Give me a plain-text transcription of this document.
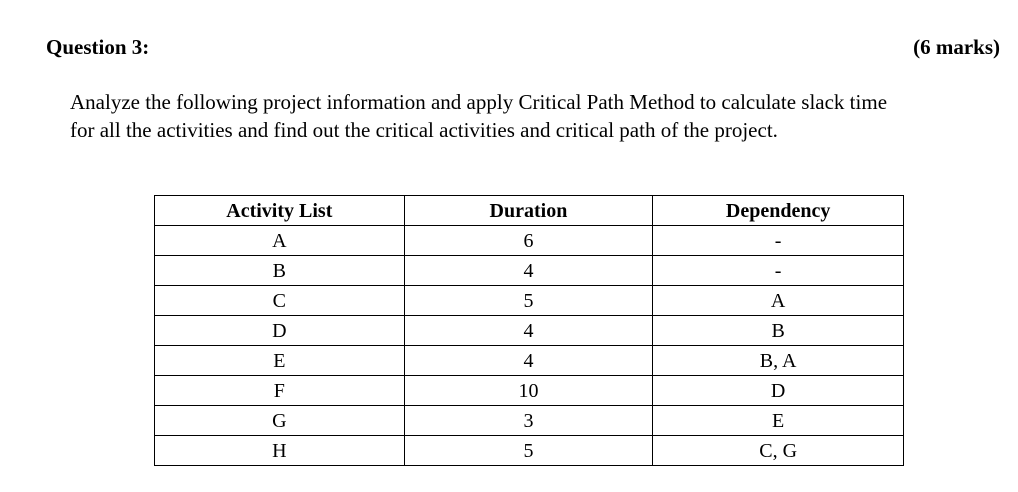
Question 3:	(6 marks)

Analyze the following project information and apply Critical Path Method to calculate slack time

for all the activities and find out the critical activities and critical path of the project.

Activity List	Duration	Dependency
A	6	-
B	4	-
C	5	A
D	4	B
E	4	B, A
F	10	D
G	3	E
H	5	C, G
